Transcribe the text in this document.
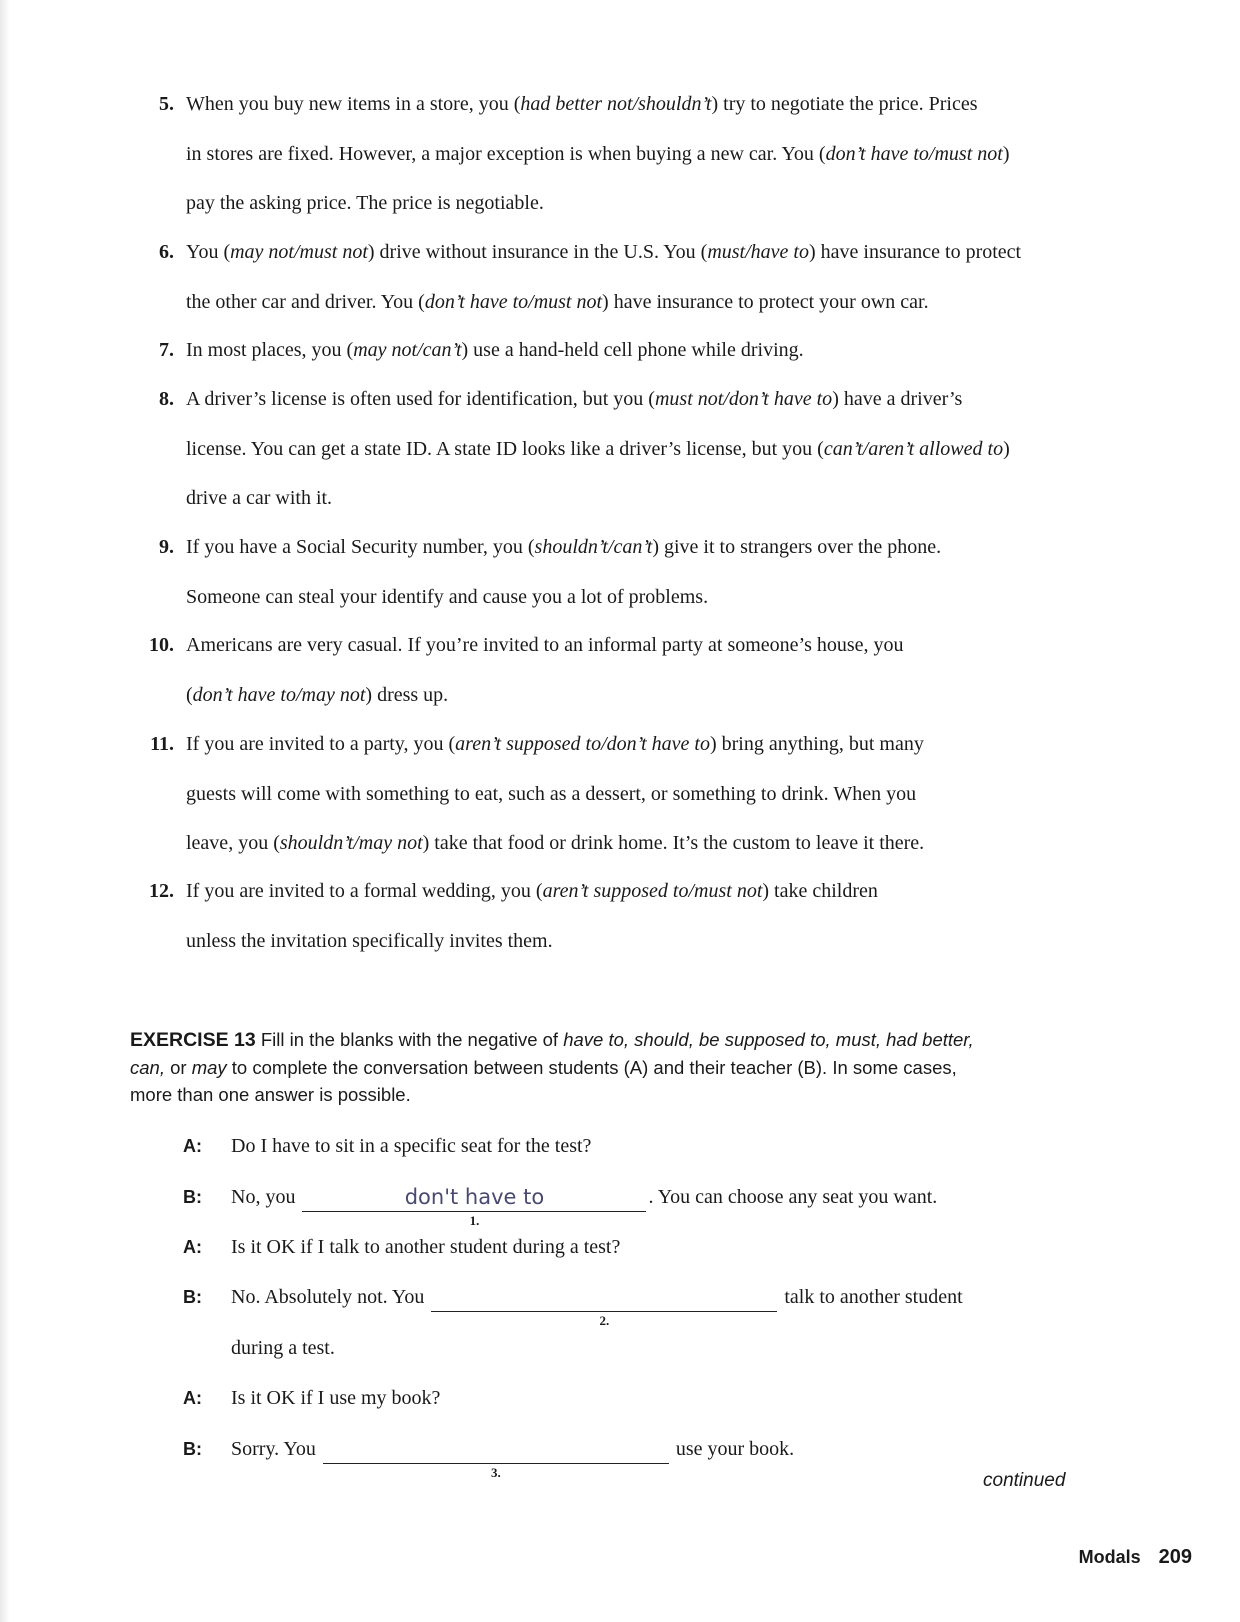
5. When you buy new items in a store, you (had better not/shouldn’t) try to negotiate the price. Prices
in stores are fixed. However, a major exception is when buying a new car. You (don’t have to/must not)
pay the asking price. The price is negotiable.
6. You (may not/must not) drive without insurance in the U.S. You (must/have to) have insurance to protect
the other car and driver. You (don’t have to/must not) have insurance to protect your own car.
7. In most places, you (may not/can’t) use a hand-held cell phone while driving.
8. A driver’s license is often used for identification, but you (must not/don’t have to) have a driver’s
license. You can get a state ID. A state ID looks like a driver’s license, but you (can’t/aren’t allowed to)
drive a car with it.
9. If you have a Social Security number, you (shouldn’t/can’t) give it to strangers over the phone.
Someone can steal your identify and cause you a lot of problems.
10. Americans are very casual. If you’re invited to an informal party at someone’s house, you
(don’t have to/may not) dress up.
11. If you are invited to a party, you (aren’t supposed to/don’t have to) bring anything, but many
guests will come with something to eat, such as a dessert, or something to drink. When you
leave, you (shouldn’t/may not) take that food or drink home. It’s the custom to leave it there.
12. If you are invited to a formal wedding, you (aren’t supposed to/must not) take children
unless the invitation specifically invites them.
EXERCISE 13 Fill in the blanks with the negative of have to, should, be supposed to, must, had better,
can, or may to complete the conversation between students (A) and their teacher (B). In some cases,
more than one answer is possible.
A: Do I have to sit in a specific seat for the test?
B: No, you	don't have to
1.
. You can choose any seat you want.
A: Is it OK if I talk to another student during a test?
B: No. Absolutely not. You
2.
talk to another student
during a test.
A: Is it OK if I use my book?
B: Sorry. You
3.
use your book.
continued
Modals 209
